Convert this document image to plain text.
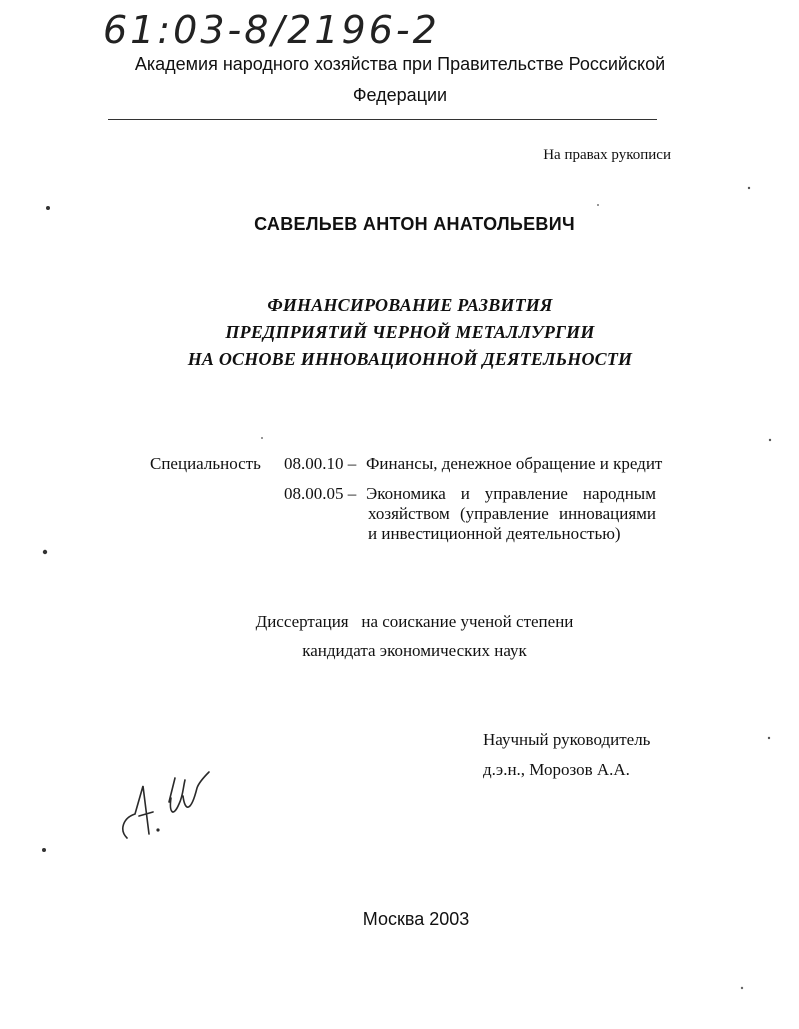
61:03-8/2196-2

Академия народного хозяйства при Правительстве Российской

Федерации

На правах рукописи

САВЕЛЬЕВ АНТОН АНАТОЛЬЕВИЧ

ФИНАНСИРОВАНИЕ РАЗВИТИЯ
ПРЕДПРИЯТИЙ ЧЕРНОЙ МЕТАЛЛУРГИИ
НА ОСНОВЕ ИННОВАЦИОННОЙ ДЕЯТЕЛЬНОСТИ

Специальность 08.00.10 – Финансы, денежное обращение и кредит
08.00.05 – Экономика и управление народным
хозяйством (управление инновациями
и инвестиционной деятельностью)

Диссертация   на соискание ученой степени

кандидата экономических наук

Научный руководитель

д.э.н., Морозов А.А.

Москва 2003
